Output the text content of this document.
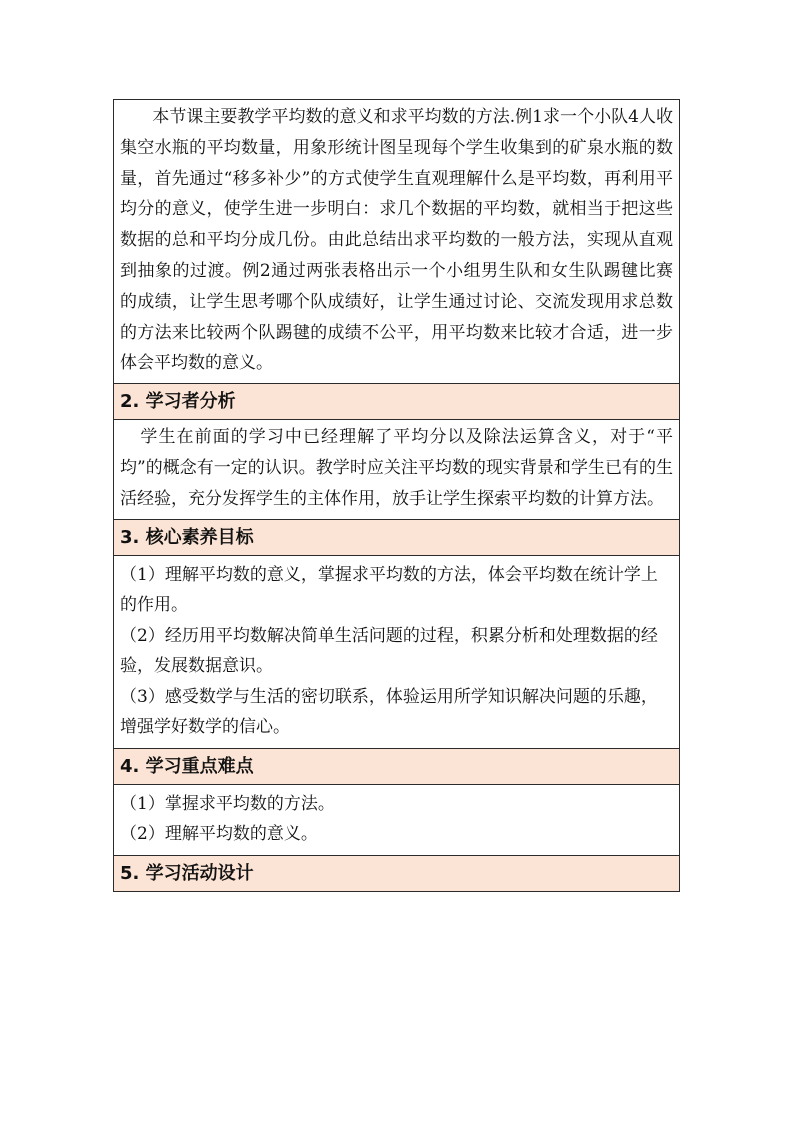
本节课主要教学平均数的意义和求平均数的方法.例1求一个小队4人收集空水瓶的平均数量，用象形统计图呈现每个学生收集到的矿泉水瓶的数量，首先通过“移多补少”的方式使学生直观理解什么是平均数，再利用平均分的意义，使学生进一步明白：求几个数据的平均数，就相当于把这些数据的总和平均分成几份。由此总结出求平均数的一般方法，实现从直观到抽象的过渡。例2通过两张表格出示一个小组男生队和女生队踢毽比赛的成绩，让学生思考哪个队成绩好，让学生通过讨论、交流发现用求总数的方法来比较两个队踢毽的成绩不公平，用平均数来比较才合适，进一步体会平均数的意义。
2. 学习者分析
学生在前面的学习中已经理解了平均分以及除法运算含义，对于“平均”的概念有一定的认识。教学时应关注平均数的现实背景和学生已有的生活经验，充分发挥学生的主体作用，放手让学生探索平均数的计算方法。
3. 核心素养目标

（1）理解平均数的意义，掌握求平均数的方法，体会平均数在统计学上的作用。

（2）经历用平均数解决简单生活问题的过程，积累分析和处理数据的经验，发展数据意识。

（3）感受数学与生活的密切联系，体验运用所学知识解决问题的乐趣，增强学好数学的信心。

4. 学习重点难点

（1）掌握求平均数的方法。

（2）理解平均数的意义。

5. 学习活动设计
